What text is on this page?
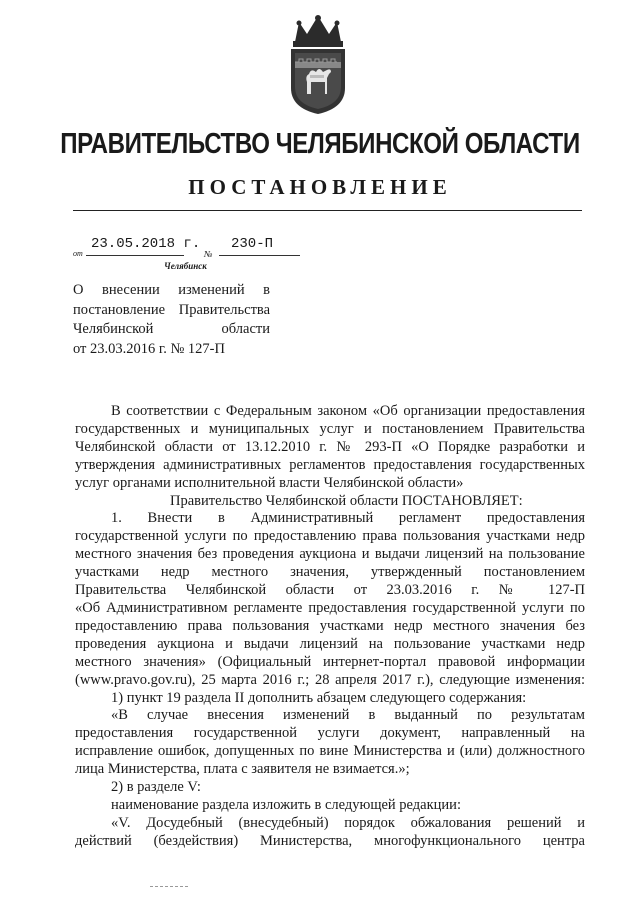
ПРАВИТЕЛЬСТВО ЧЕЛЯБИНСКОЙ ОБЛАСТИ
ПОСТАНОВЛЕНИЕ
от
23.05.2018 г.
№
230-П
Челябинск
О внесении изменений в
постановление Правительства
Челябинской области
от 23.03.2016 г. № 127-П
В соответствии с Федеральным законом «Об организации предоставления
государственных и муниципальных услуг и постановлением Правительства
Челябинской области от 13.12.2010 г. № 293-П «О Порядке разработки и
утверждения административных регламентов предоставления государственных
услуг органами исполнительной власти Челябинской области»
Правительство Челябинской области ПОСТАНОВЛЯЕТ:
1. Внести в Административный регламент предоставления
государственной услуги по предоставлению права пользования участками недр
местного значения без проведения аукциона и выдачи лицензий на пользование
участками недр местного значения, утвержденный постановлением
Правительства Челябинской области от 23.03.2016 г. № 127-П
«Об Административном регламенте предоставления государственной услуги по
предоставлению права пользования участками недр местного значения без
проведения аукциона и выдачи лицензий на пользование участками недр
местного значения» (Официальный интернет-портал правовой информации
(www.pravo.gov.ru), 25 марта 2016 г.; 28 апреля 2017 г.), следующие изменения:
1) пункт 19 раздела II дополнить абзацем следующего содержания:
«В случае внесения изменений в выданный по результатам
предоставления государственной услуги документ, направленный на
исправление ошибок, допущенных по вине Министерства и (или) должностного
лица Министерства, плата с заявителя не взимается.»;
2) в разделе V:
наименование раздела изложить в следующей редакции:
«V. Досудебный (внесудебный) порядок обжалования решений и
действий (бездействия) Министерства, многофункционального центра
